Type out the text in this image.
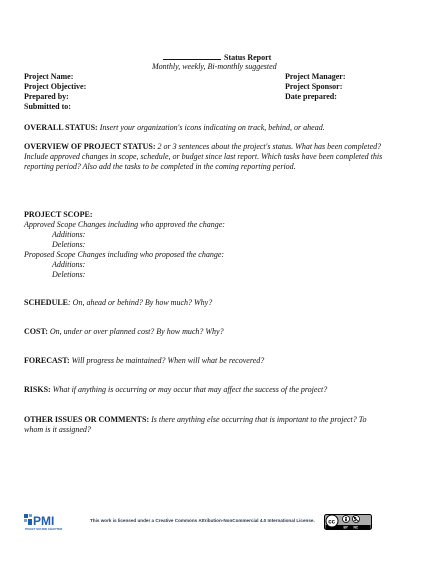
Status Report
Monthly, weekly, Bi-monthly suggested
Project Name:
Project Objective:
Prepared by:
Submitted to:
Project Manager:
Project Sponsor:
Date prepared:
OVERALL STATUS: Insert your organization's icons indicating on track, behind, or ahead.
OVERVIEW OF PROJECT STATUS: 2 or 3 sentences about the project's status. What has been completed? Include approved changes in scope, schedule, or budget since last report. Which tasks have been completed this reporting period? Also add the tasks to be completed in the coming reporting period.
PROJECT SCOPE:
Approved Scope Changes including who approved the change:
Additions:
Deletions:
Proposed Scope Changes including who proposed the change:
Additions:
Deletions:
SCHEDULE: On, ahead or behind? By how much? Why?
COST: On, under or over planned cost? By how much? Why?
FORECAST: Will progress be maintained? When will what be recovered?
RISKS: What if anything is occurring or may occur that may affect the success of the project?
OTHER ISSUES OR COMMENTS: Is there anything else occurring that is important to the project? To whom is it assigned?
PMI
PUGET SOUND CHAPTER
This work is licensed under a Creative Commons Attribution-NonCommercial 4.0 International License. cc	$
BY NC
